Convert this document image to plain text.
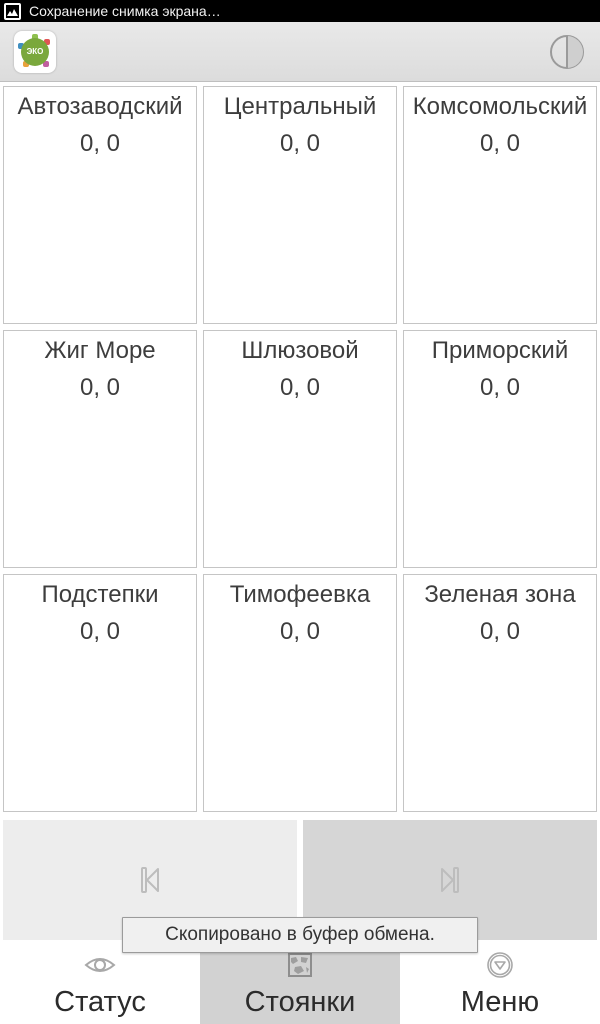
Сохранение снимка экрана…
ЭКО
Автозаводский
0, 0
Центральный
0, 0
Комсомольский
0, 0
Жиг Море
0, 0
Шлюзовой
0, 0
Приморский
0, 0
Подстепки
0, 0
Тимофеевка
0, 0
Зеленая зона
0, 0
Статус	Стоянки	Меню
Скопировано в буфер обмена.
